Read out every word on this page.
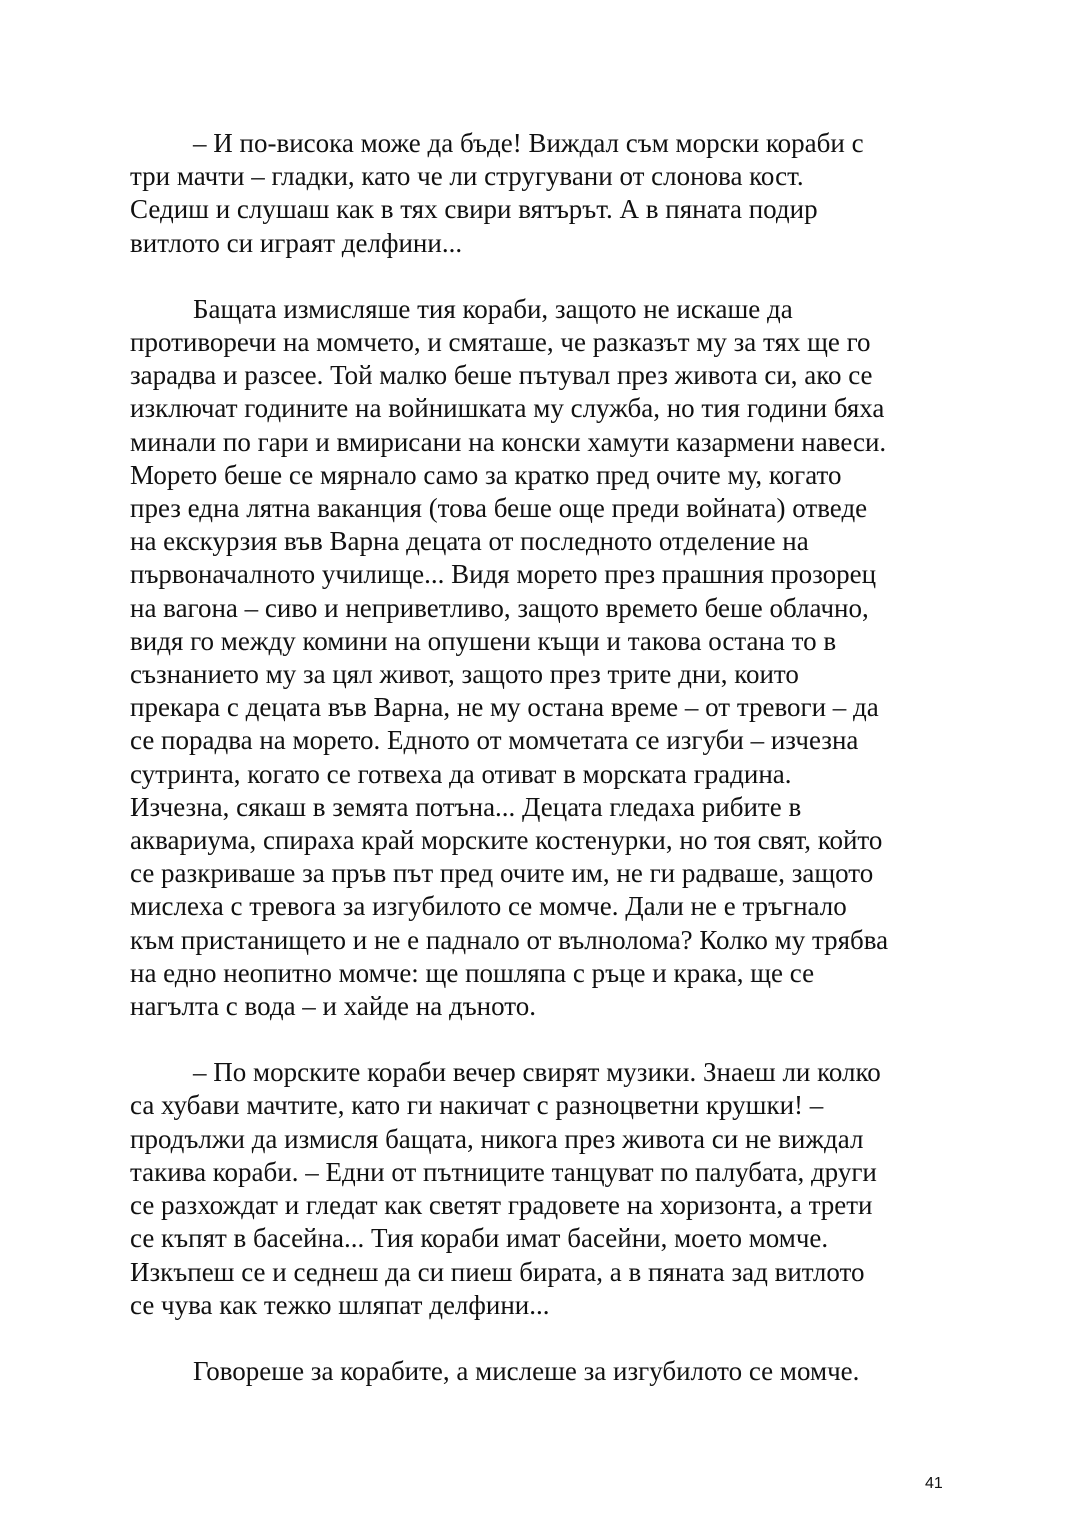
– И по-висока може да бъде! Виждал съм морски кораби с
три мачти – гладки, като че ли стругувани от слонова кост.
Седиш и слушаш как в тях свири вятърът. А в пяната подир
витлото си играят делфини...

Бащата измисляше тия кораби, защото не искаше да
противоречи на момчето, и смяташе, че разказът му за тях ще го
зарадва и разсее. Той малко беше пътувал през живота си, ако се
изключат годините на войнишката му служба, но тия години бяха
минали по гари и вмирисани на конски хамути казармени навеси.
Морето беше се мярнало само за кратко пред очите му, когато
през една лятна ваканция (това беше още преди войната) отведе
на екскурзия във Варна децата от последното отделение на
първоначалното училище... Видя морето през прашния прозорец
на вагона – сиво и неприветливо, защото времето беше облачно,
видя го между комини на опушени къщи и такова остана то в
съзнанието му за цял живот, защото през трите дни, които
прекара с децата във Варна, не му остана време – от тревоги – да
се порадва на морето. Едното от момчетата се изгуби – изчезна
сутринта, когато се готвеха да отиват в морската градина.
Изчезна, сякаш в земята потъна... Децата гледаха рибите в
аквариума, спираха край морските костенурки, но тоя свят, който
се разкриваше за пръв път пред очите им, не ги радваше, защото
мислеха с тревога за изгубилото се момче. Дали не е тръгнало
към пристанището и не е паднало от вълнолома? Колко му трябва
на едно неопитно момче: ще пошляпа с ръце и крака, ще се
нагълта с вода – и хайде на дъното.

– По морските кораби вечер свирят музики. Знаеш ли колко
са хубави мачтите, като ги накичат с разноцветни крушки! –
продължи да измисля бащата, никога през живота си не виждал
такива кораби. – Едни от пътниците танцуват по палубата, други
се разхождат и гледат как светят градовете на хоризонта, а трети
се къпят в басейна... Тия кораби имат басейни, моето момче.
Изкъпеш се и седнеш да си пиеш бирата, а в пяната зад витлото
се чува как тежко шляпат делфини...

Говореше за корабите, а мислеше за изгубилото се момче.

41
